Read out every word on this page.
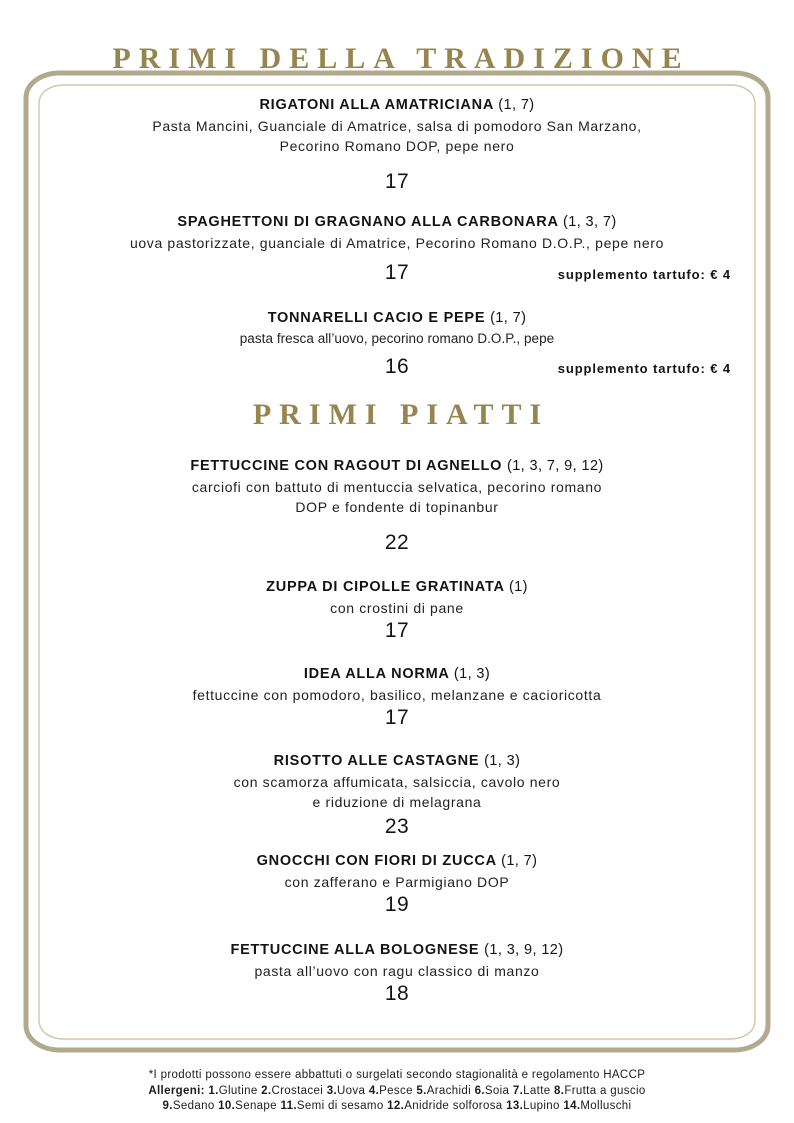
PRIMI DELLA TRADIZIONE
RIGATONI ALLA AMATRICIANA (1, 7)
Pasta Mancini, Guanciale di Amatrice, salsa di pomodoro San Marzano,
Pecorino Romano DOP, pepe nero
17
SPAGHETTONI DI GRAGNANO ALLA CARBONARA (1, 3, 7)
uova pastorizzate, guanciale di Amatrice, Pecorino Romano D.O.P., pepe nero
17	supplemento tartufo: € 4
TONNARELLI CACIO E PEPE (1, 7)
pasta fresca all’uovo, pecorino romano D.O.P., pepe
16	supplemento tartufo: € 4
PRIMI PIATTI
FETTUCCINE CON RAGOUT DI AGNELLO (1, 3, 7, 9, 12)
carciofi con battuto di mentuccia selvatica, pecorino romano
DOP e fondente di topinanbur
22
ZUPPA DI CIPOLLE GRATINATA (1)
con crostini di pane
17
IDEA ALLA NORMA (1, 3)
fettuccine con pomodoro, basilico, melanzane e cacioricotta
17
RISOTTO ALLE CASTAGNE (1, 3)
con scamorza affumicata, salsiccia, cavolo nero
e riduzione di melagrana
23
GNOCCHI CON FIORI DI ZUCCA (1, 7)
con zafferano e Parmigiano DOP
19
FETTUCCINE ALLA BOLOGNESE (1, 3, 9, 12)
pasta all’uovo con ragu classico di manzo
18
*I prodotti possono essere abbattuti o surgelati secondo stagionalità e regolamento HACCP
Allergeni: 1.Glutine 2.Crostacei 3.Uova 4.Pesce 5.Arachidi 6.Soia 7.Latte 8.Frutta a guscio
9.Sedano 10.Senape 11.Semi di sesamo 12.Anidride solforosa 13.Lupino 14.Molluschi
